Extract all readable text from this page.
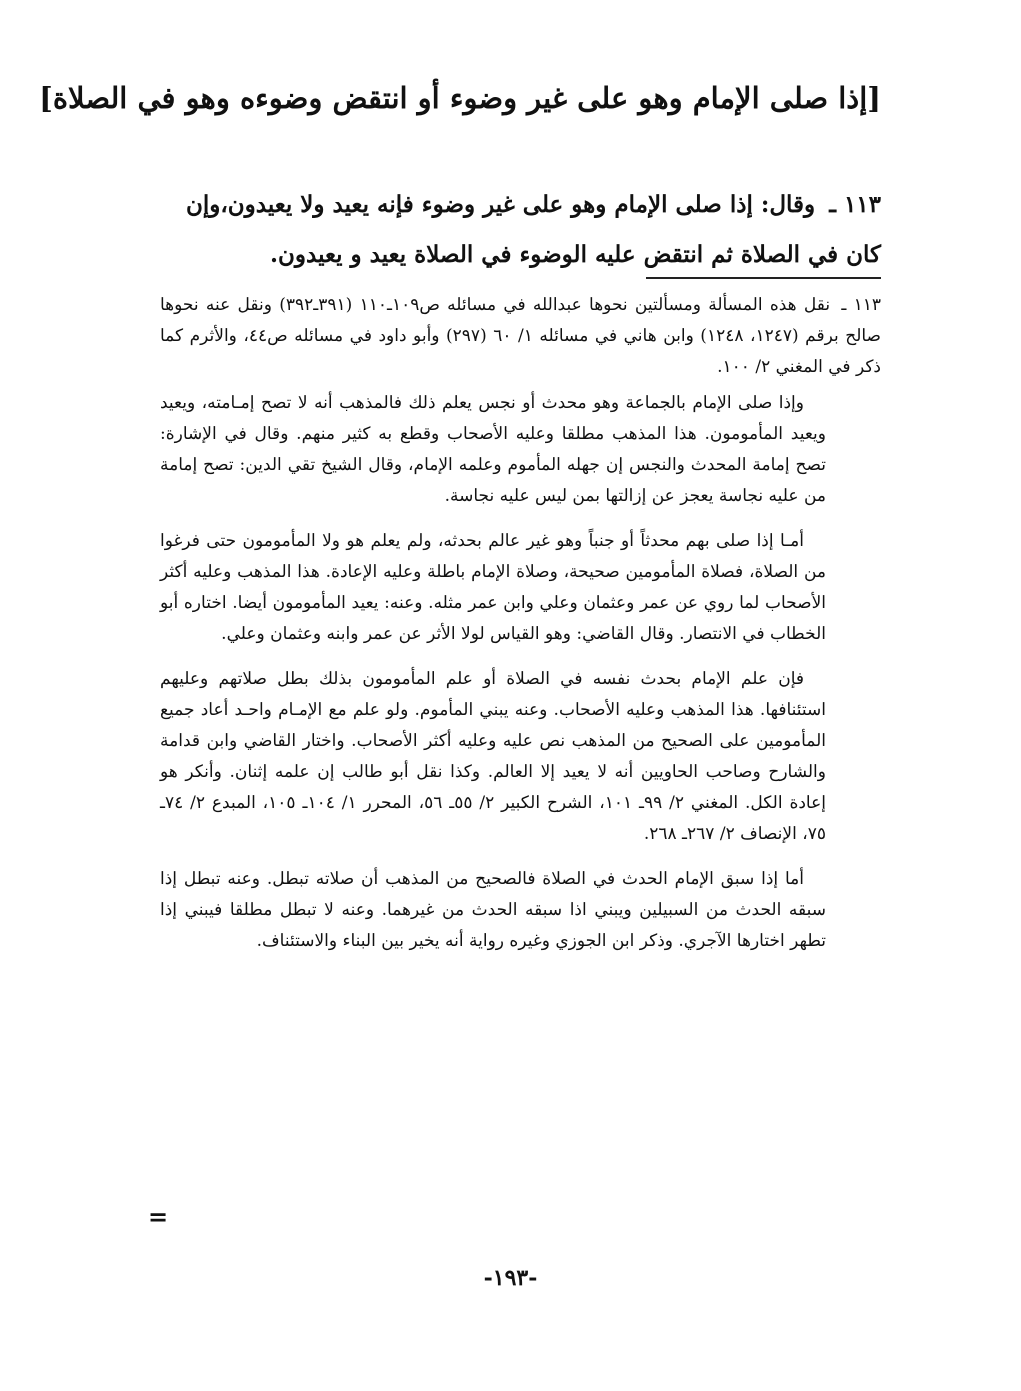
[إذا صلى الإمام وهو على غير وضوء أو انتقض وضوءه وهو في الصلاة]
١١٣ ـ وقال: إذا صلى الإمام وهو على غير وضوء فإنه يعيد ولا يعيدون،وإن كان في الصلاة ثم انتقض عليه الوضوء في الصلاة يعيد و يعيدون.

١١٣ ـ نقل هذه المسألة ومسألتين نحوها عبدالله في مسائله ص١٠٩ـ١١٠ (٣٩١ـ٣٩٢) ونقل عنه نحوها صالح برقم (١٢٤٧، ١٢٤٨) وابن هاني في مسائله ١/ ٦٠ (٢٩٧) وأبو داود في مسائله ص٤٤، والأثرم كما ذكر في المغني ٢/ ١٠٠.

وإذا صلى الإمام بالجماعة وهو محدث أو نجس يعلم ذلك فالمذهب أنه لا تصح إمـامته، ويعيد ويعيد المأمومون. هذا المذهب مطلقا وعليه الأصحاب وقطع به كثير منهم. وقال في الإشارة: تصح إمامة المحدث والنجس إن جهله المأموم وعلمه الإمام، وقال الشيخ تقي الدين: تصح إمامة من عليه نجاسة يعجز عن إزالتها بمن ليس عليه نجاسة.

أمـا إذا صلى بهم محدثاً أو جنباً وهو غير عالم بحدثه، ولم يعلم هو ولا المأمومون حتى فرغوا من الصلاة، فصلاة المأمومين صحيحة، وصلاة الإمام باطلة وعليه الإعادة. هذا المذهب وعليه أكثر الأصحاب لما روي عن عمر وعثمان وعلي وابن عمر مثله. وعنه: يعيد المأمومون أيضا. اختاره أبو الخطاب في الانتصار. وقال القاضي: وهو القياس لولا الأثر عن عمر وابنه وعثمان وعلي.

فإن علم الإمام بحدث نفسه في الصلاة أو علم المأمومون بذلك بطل صلاتهم وعليهم استئنافها. هذا المذهب وعليه الأصحاب. وعنه يبني المأموم. ولو علم مع الإمـام واحـد أعاد جميع المأمومين على الصحيح من المذهب نص عليه وعليه أكثر الأصحاب. واختار القاضي وابن قدامة والشارح وصاحب الحاويين أنه لا يعيد إلا العالم. وكذا نقل أبو طالب إن علمه إثنان. وأنكر هو إعادة الكل. المغني ٢/ ٩٩ـ ١٠١، الشرح الكبير ٢/ ٥٥ـ ٥٦، المحرر ١/ ١٠٤ـ ١٠٥، المبدع ٢/ ٧٤ـ ٧٥، الإنصاف ٢/ ٢٦٧ـ ٢٦٨.

أما إذا سبق الإمام الحدث في الصلاة فالصحيح من المذهب أن صلاته تبطل. وعنه تبطل إذا سبقه الحدث من السبيلين ويبني اذا سبقه الحدث من غيرهما. وعنه لا تبطل مطلقا فيبني إذا تطهر اختارها الآجري. وذكر ابن الجوزي وغيره رواية أنه يخير بين البناء والاستئناف.

=
-١٩٣-
